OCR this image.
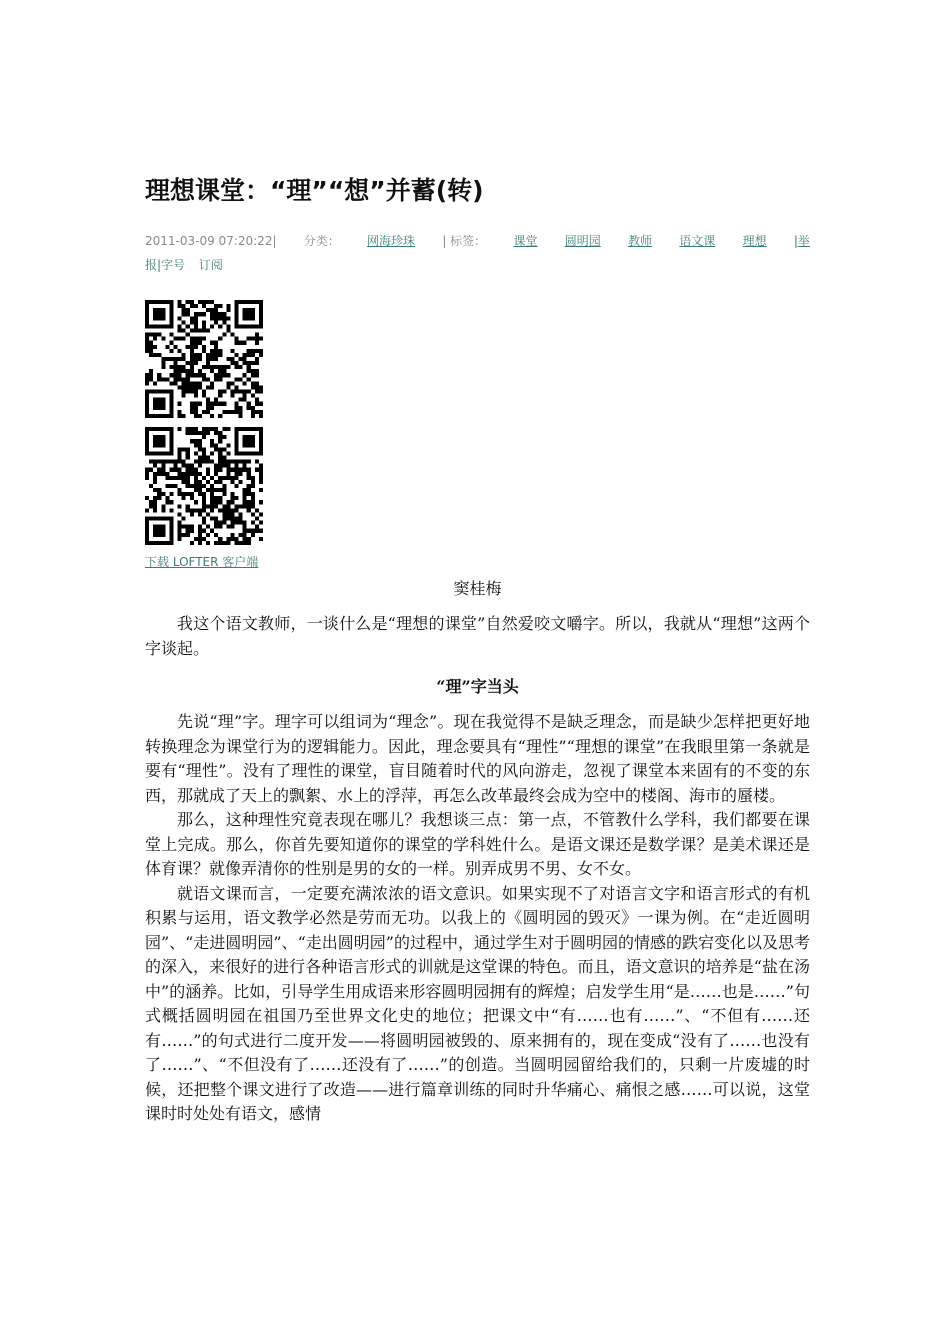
理想课堂：“理”“想”并蓄(转)
2011-03-09 07:20:22| 分类： 网海珍珠 | 标签： 课堂 圆明园 教师 语文课 理想 |举
报|字号 订阅
下载 LOFTER 客户端
窦桂梅

我这个语文教师，一谈什么是“理想的课堂”自然爱咬文嚼字。所以，我就从“理想”这两个字谈起。

“理”字当头

先说“理”字。理字可以组词为“理念”。现在我觉得不是缺乏理念，而是缺少怎样把更好地转换理念为课堂行为的逻辑能力。因此，理念要具有“理性”“理想的课堂”在我眼里第一条就是要有“理性”。没有了理性的课堂，盲目随着时代的风向游走，忽视了课堂本来固有的不变的东西，那就成了天上的飘絮、水上的浮萍，再怎么改革最终会成为空中的楼阁、海市的蜃楼。

那么，这种理性究竟表现在哪儿？我想谈三点：第一点，不管教什么学科，我们都要在课堂上完成。那么，你首先要知道你的课堂的学科姓什么。是语文课还是数学课？是美术课还是体育课？就像弄清你的性别是男的女的一样。别弄成男不男、女不女。

就语文课而言，一定要充满浓浓的语文意识。如果实现不了对语言文字和语言形式的有机积累与运用，语文教学必然是劳而无功。以我上的《圆明园的毁灭》一课为例。在“走近圆明园”、“走进圆明园”、“走出圆明园”的过程中，通过学生对于圆明园的情感的跌宕变化以及思考的深入，来很好的进行各种语言形式的训就是这堂课的特色。而且，语文意识的培养是“盐在汤中”的涵养。比如，引导学生用成语来形容圆明园拥有的辉煌；启发学生用“是……也是……”句式概括圆明园在祖国乃至世界文化史的地位；把课文中“有……也有……”、“不但有……还有……”的句式进行二度开发——将圆明园被毁的、原来拥有的，现在变成“没有了……也没有了……”、“不但没有了……还没有了……”的创造。当圆明园留给我们的，只剩一片废墟的时候，还把整个课文进行了改造——进行篇章训练的同时升华痛心、痛恨之感……可以说，这堂课时时处处有语文，感情
